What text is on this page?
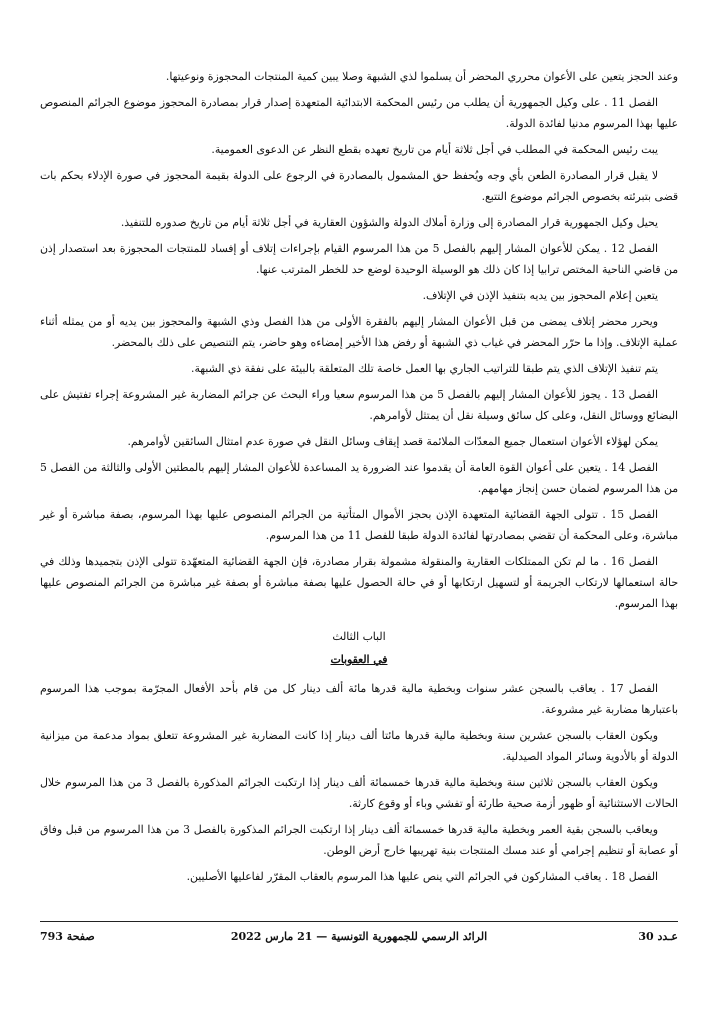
وعند الحجز يتعين على الأعوان محرري المحضر أن يسلموا لذي الشبهة وصلا يبين كمية المنتجات المحجوزة ونوعيتها.

الفصل 11 . على وكيل الجمهورية أن يطلب من رئيس المحكمة الابتدائية المتعهدة إصدار قرار بمصادرة المحجوز موضوع الجرائم المنصوص عليها بهذا المرسوم مدنيا لفائدة الدولة.

يبت رئيس المحكمة في المطلب في أجل ثلاثة أيام من تاريخ تعهده بقطع النظر عن الدعوى العمومية.

لا يقبل قرار المصادرة الطعن بأي وجه ويُحفظ حق المشمول بالمصادرة في الرجوع على الدولة بقيمة المحجوز في صورة الإدلاء بحكم بات قضى بتبرئته بخصوص الجرائم موضوع التتبع.

يحيل وكيل الجمهورية قرار المصادرة إلى وزارة أملاك الدولة والشؤون العقارية في أجل ثلاثة أيام من تاريخ صدوره للتنفيذ.

الفصل 12 . يمكن للأعوان المشار إليهم بالفصل 5 من هذا المرسوم القيام بإجراءات إتلاف أو إفساد للمنتجات المحجوزة بعد استصدار إذن من قاضي الناحية المختص ترابيا إذا كان ذلك هو الوسيلة الوحيدة لوضع حد للخطر المترتب عنها.

يتعين إعلام المحجوز بين يديه بتنفيذ الإذن في الإتلاف.

ويحرر محضر إتلاف يمضى من قبل الأعوان المشار إليهم بالفقرة الأولى من هذا الفصل وذي الشبهة والمحجوز بين يديه أو من يمثله أثناء عملية الإتلاف. وإذا ما حرّر المحضر في غياب ذي الشبهة أو رفض هذا الأخير إمضاءه وهو حاضر، يتم التنصيص على ذلك بالمحضر.

يتم تنفيذ الإتلاف الذي يتم طبقا للتراتيب الجاري بها العمل خاصة تلك المتعلقة بالبيئة على نفقة ذي الشبهة.

الفصل 13 . يجوز للأعوان المشار إليهم بالفصل 5 من هذا المرسوم سعيا وراء البحث عن جرائم المضاربة غير المشروعة إجراء تفتيش على البضائع ووسائل النقل، وعلى كل سائق وسيلة نقل أن يمتثل لأوامرهم.

يمكن لهؤلاء الأعوان استعمال جميع المعدّات الملائمة قصد إيقاف وسائل النقل في صورة عدم امتثال السائقين لأوامرهم.

الفصل 14 . يتعين على أعوان القوة العامة أن يقدموا عند الضرورة يد المساعدة للأعوان المشار إليهم بالمطتين الأولى والثالثة من الفصل 5 من هذا المرسوم لضمان حسن إنجاز مهامهم.

الفصل 15 . تتولى الجهة القضائية المتعهدة الإذن بحجز الأموال المتأتية من الجرائم المنصوص عليها بهذا المرسوم، بصفة مباشرة أو غير مباشرة، وعلى المحكمة أن تقضي بمصادرتها لفائدة الدولة طبقا للفصل 11 من هذا المرسوم.

الفصل 16 . ما لم تكن الممتلكات العقارية والمنقولة مشمولة بقرار مصادرة، فإن الجهة القضائية المتعهّدة تتولى الإذن بتجميدها وذلك في حالة استعمالها لارتكاب الجريمة أو لتسهيل ارتكابها أو في حالة الحصول عليها بصفة مباشرة أو بصفة غير مباشرة من الجرائم المنصوص عليها بهذا المرسوم.

الباب الثالث

في العقوبات

الفصل 17 . يعاقب بالسجن عشر سنوات وبخطية مالية قدرها مائة ألف دينار كل من قام بأحد الأفعال المجرّمة بموجب هذا المرسوم باعتبارها مضاربة غير مشروعة.

ويكون العقاب بالسجن عشرين سنة وبخطية مالية قدرها مائتا ألف دينار إذا كانت المضاربة غير المشروعة تتعلق بمواد مدعمة من ميزانية الدولة أو بالأدوية وسائر المواد الصيدلية.

ويكون العقاب بالسجن ثلاثين سنة وبخطية مالية قدرها خمسمائة ألف دينار إذا ارتكبت الجرائم المذكورة بالفصل 3 من هذا المرسوم خلال الحالات الاستثنائية أو ظهور أزمة صحية طارئة أو تفشي وباء أو وقوع كارثة.

ويعاقب بالسجن بقية العمر وبخطية مالية قدرها خمسمائة ألف دينار إذا ارتكبت الجرائم المذكورة بالفصل 3 من هذا المرسوم من قبل وفاق أو عصابة أو تنظيم إجرامي أو عند مسك المنتجات بنية تهريبها خارج أرض الوطن.

الفصل 18 . يعاقب المشاركون في الجرائم التي ينص عليها هذا المرسوم بالعقاب المقرّر لفاعليها الأصليين.

عـدد 30
الرائد الرسمي للجمهورية التونسية — 21 مارس 2022
صفحة 793
